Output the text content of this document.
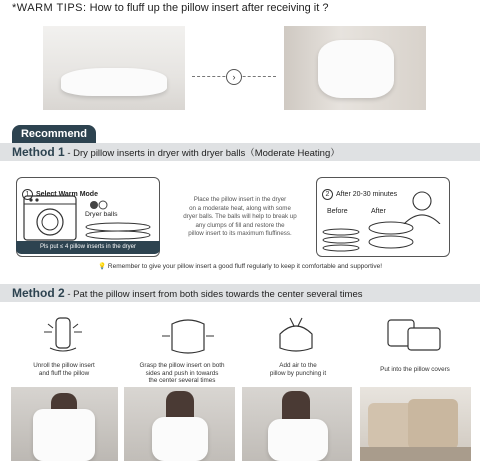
*WARM TIPS: How to fluff up the pillow insert after receiving it ?
›
Recommend
Method 1 - Dry pillow inserts in dryer with dryer balls（Moderate Heating）
1 Select Warm Mode
Dryer balls
Pls put ≤ 4 pillow inserts in the dryer
Place the pillow insert in the dryer
on a moderate heat, along with some
dryer balls. The balls will help to break up
any clumps of fill and restore the
pillow insert to its maximum fluffiness.
2 After 20-30 minutes
Before	After
💡 Remember to give your pillow insert a good fluff regularly to keep it comfortable and supportive!
Method 2 - Pat the pillow insert from both sides towards the center several times
Unroll the pillow insert
and fluff the pillow
Grasp the pillow insert on both
sides and push in towards
the center several times
Add air to the
pillow by punching it	Put into the pillow covers
